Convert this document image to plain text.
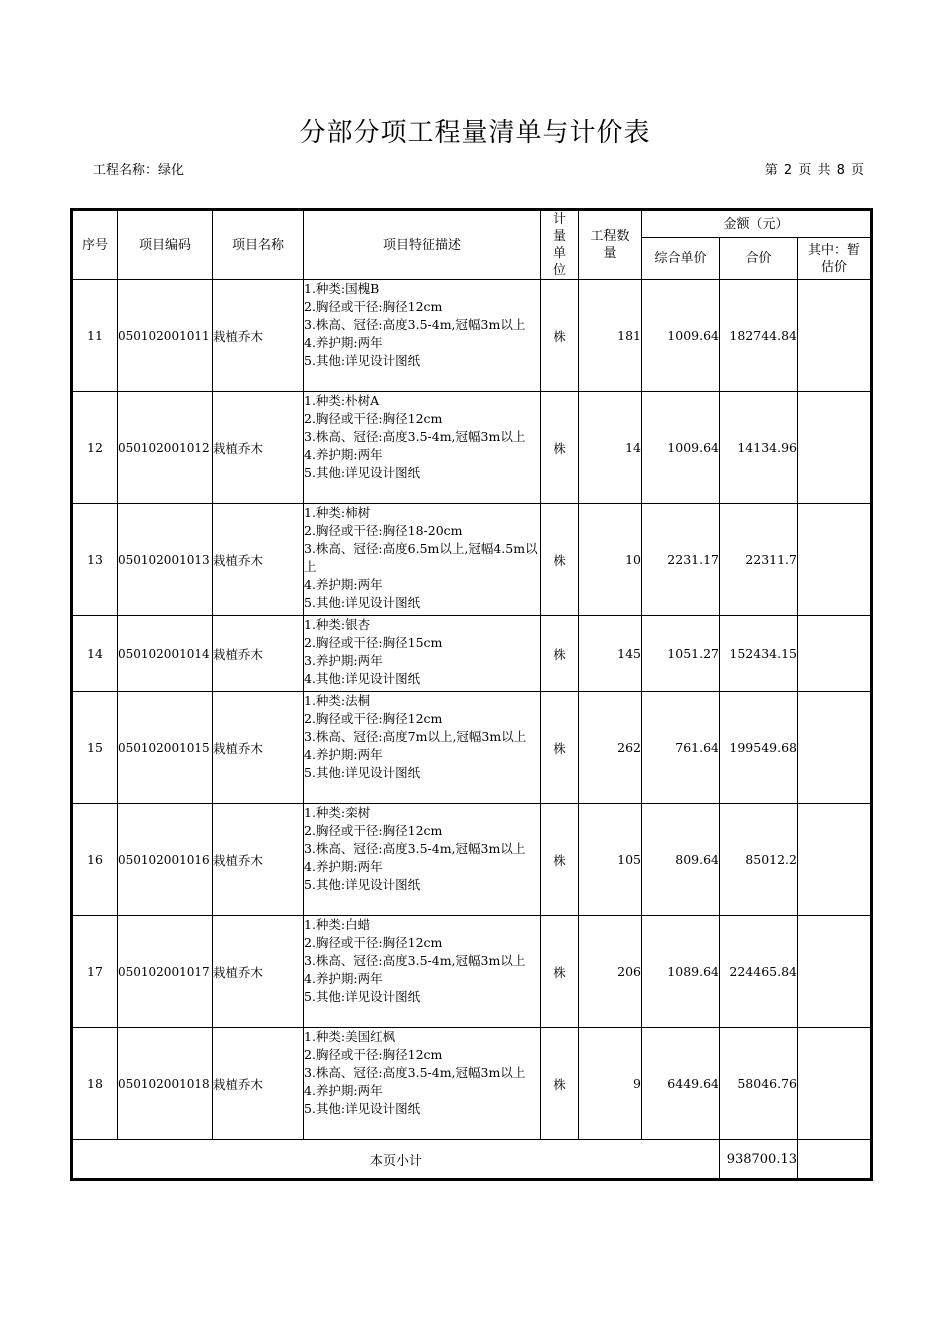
分部分项工程量清单与计价表
工程名称：绿化	第 2 页 共 8 页
序号	项目编码	项目名称	项目特征描述	计量单位	工程数量	金额（元）		
						综合单价	合价	其中：暂估价
11	050102001011	栽植乔木	1.种类:国槐B
2.胸径或干径:胸径12cm
3.株高、冠径:高度3.5-4m,冠幅3m以上
4.养护期:两年
5.其他:详见设计图纸	株	181	1009.64	182744.84	
12	050102001012	栽植乔木	1.种类:朴树A
2.胸径或干径:胸径12cm
3.株高、冠径:高度3.5-4m,冠幅3m以上
4.养护期:两年
5.其他:详见设计图纸	株	14	1009.64	14134.96	
13	050102001013	栽植乔木	1.种类:柿树
2.胸径或干径:胸径18-20cm
3.株高、冠径:高度6.5m以上,冠幅4.5m以上
4.养护期:两年
5.其他:详见设计图纸	株	10	2231.17	22311.7	
14	050102001014	栽植乔木	1.种类:银杏
2.胸径或干径:胸径15cm
3.养护期:两年
4.其他:详见设计图纸	株	145	1051.27	152434.15	
15	050102001015	栽植乔木	1.种类:法桐
2.胸径或干径:胸径12cm
3.株高、冠径:高度7m以上,冠幅3m以上
4.养护期:两年
5.其他:详见设计图纸	株	262	761.64	199549.68	
16	050102001016	栽植乔木	1.种类:栾树
2.胸径或干径:胸径12cm
3.株高、冠径:高度3.5-4m,冠幅3m以上
4.养护期:两年
5.其他:详见设计图纸	株	105	809.64	85012.2	
17	050102001017	栽植乔木	1.种类:白蜡
2.胸径或干径:胸径12cm
3.株高、冠径:高度3.5-4m,冠幅3m以上
4.养护期:两年
5.其他:详见设计图纸	株	206	1089.64	224465.84	
18	050102001018	栽植乔木	1.种类:美国红枫
2.胸径或干径:胸径12cm
3.株高、冠径:高度3.5-4m,冠幅3m以上
4.养护期:两年
5.其他:详见设计图纸	株	9	6449.64	58046.76	
本页小计							938700.13	
